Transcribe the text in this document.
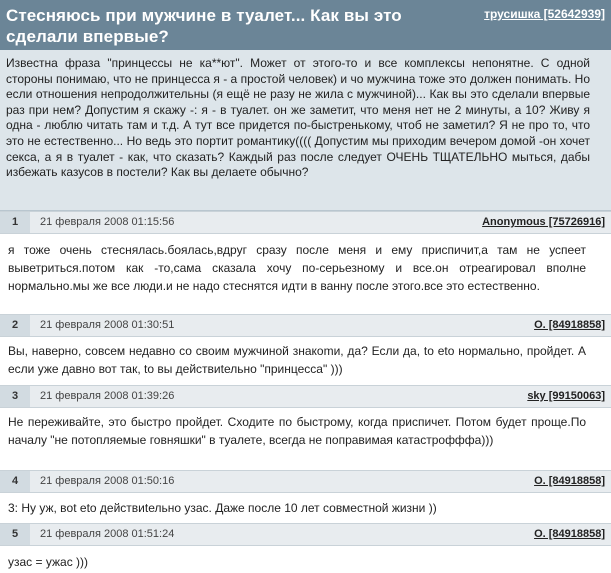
Стесняюсь при мужчине в туалет... Как вы это сделали впервые?
трусишка [52642939]
Известна фраза "принцессы не ка**ют". Может от этого-то и все комплексы непонятне. С одной стороны понимаю, что не принцесса я - а простой человек) и чо мужчина тоже это должен понимать. Но если отношения непродолжительны (я ещё не разу не жила с мужчиной)... Как вы это сделали впервые раз при нем? Допустим я скажу -: я - в туалет. он же заметит, что меня нет не 2 минуты, а 10? Живу я одна - люблю читать там и т.д. А тут все придется по-быстренькому, чтоб не заметил? Я не про то, что это не естественно... Но ведь это портит романтику(((( Допустим мы приходим вечером домой -он хочет секса, а я в туалет - как, что сказать? Каждый раз после следует ОЧЕНЬ ТЩАТЕЛЬНО мыться, дабы избежать казусов в постели? Как вы делаете обычно?
1	21 февраля 2008 01:15:56	Anonymous [75726916]
я тоже очень стеснялась.боялась,вдруг сразу после меня и ему приспичит,а там не успеет выветриться.потом как -то,сама сказала хочу по-серьезному и все.он отреагировал вполне нормально.мы же все люди.и не надо стеснятся идти в ванну после этого.все это естественно.
2	21 февраля 2008 01:30:51	O. [84918858]
Вы, наверно, совсем недавно со своим мужчиной знакоmи, да? Если да, to eto нормально, пройдет. А если уже давно вот так, to вы действиtельно "принцесса" )))
3	21 февраля 2008 01:39:26	sky [99150063]
Не переживайте, это быстро пройдет. Сходите по быстрому, когда приспичет. Потом будет проще.По началу "не потопляемые говняшки" в туалете, всегда не поправимая катастрофффа)))
4	21 февраля 2008 01:50:16	O. [84918858]
3: Ну уж, вot eto действиtельно узас. Даже после 10 лет совместной жизни ))
5	21 февраля 2008 01:51:24	O. [84918858]
узас = ужас )))
